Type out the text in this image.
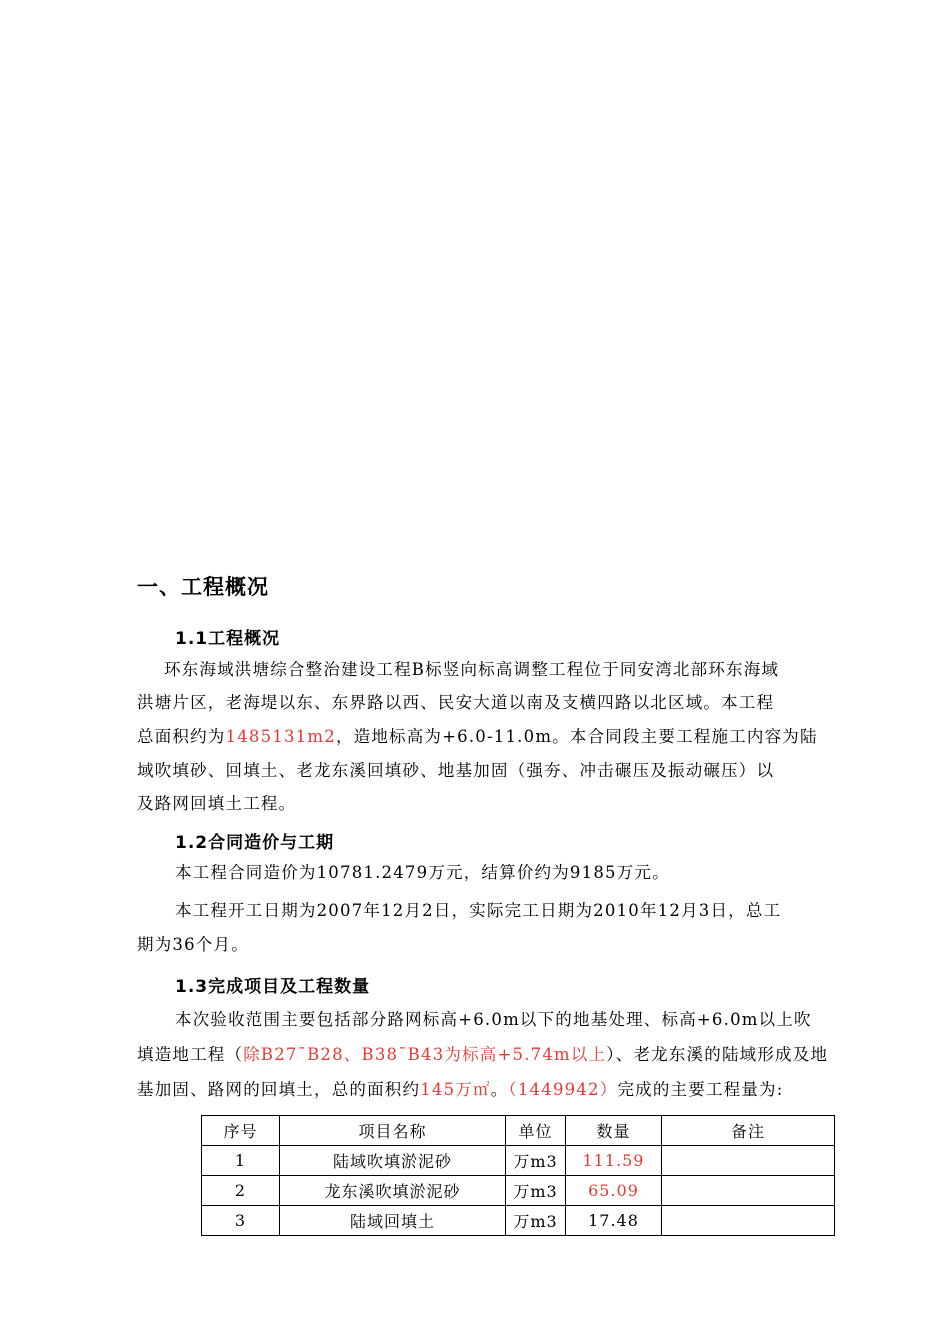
一、工程概况
1.1工程概况
环东海域洪塘综合整治建设工程B标竖向标高调整工程位于同安湾北部环东海域
洪塘片区，老海堤以东、东界路以西、民安大道以南及支横四路以北区域。本工程
总面积约为1485131m2，造地标高为+6.0-11.0m。本合同段主要工程施工内容为陆
域吹填砂、回填土、老龙东溪回填砂、地基加固（强夯、冲击碾压及振动碾压）以
及路网回填土工程。
1.2合同造价与工期
本工程合同造价为10781.2479万元，结算价约为9185万元。
本工程开工日期为2007年12月2日，实际完工日期为2010年12月3日，总工
期为36个月。
1.3完成项目及工程数量
本次验收范围主要包括部分路网标高+6.0m以下的地基处理、标高+6.0m以上吹
填造地工程（除B27¯B28、B38¯B43为标高+5.74m以上）、老龙东溪的陆域形成及地
基加固、路网的回填土，总的面积约145万㎡。（1449942）完成的主要工程量为:
序号	项目名称	单位	数量	备注
1	陆域吹填淤泥砂	万m3	111.59	
2	龙东溪吹填淤泥砂	万m3	65.09	
3	陆域回填土	万m3	17.48	
